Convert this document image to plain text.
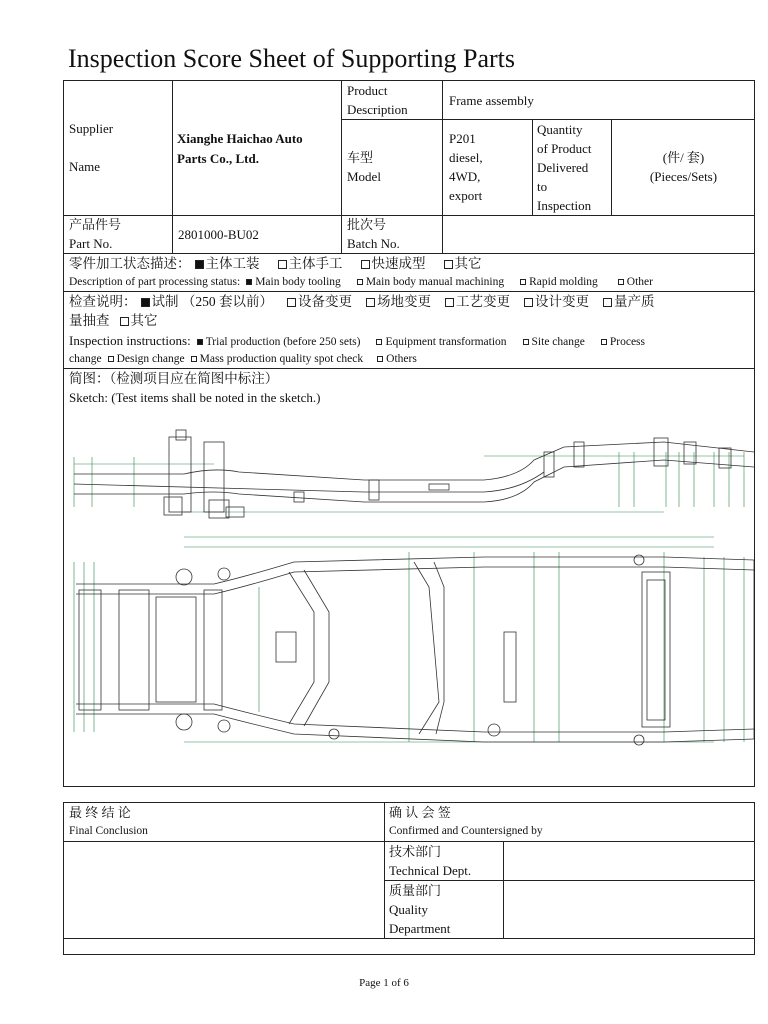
Inspection Score Sheet of Supporting Parts
Supplier
Name
Xianghe Haichao Auto
Parts Co., Ltd.
Product
Description
Frame assembly
车型
Model
P201
diesel,
4WD,
export
Quantity
of Product
Delivered
to
Inspection
(件/ 套)
(Pieces/Sets)
产品件号
Part No.
2801000-BU02
批次号
Batch No.
零件加工状态描述： 主体工装 主体手工 快速成型 其它
Description of part processing status: Main body tooling Main body manual machining Rapid molding	Other
检查说明： 试制 （250 套以前） 设备变更 场地变更 工艺变更 设计变更 量产质
量抽查 其它
Inspection instructions: Trial production (before 250 sets) Equipment transformation Site change Process
change Design change Mass production quality spot check Others
简图：（检测项目应在简图中标注）
Sketch: (Test items shall be noted in the sketch.)
最 终 结 论
Final Conclusion
确 认 会 签
Confirmed and Countersigned by
技术部门
Technical Dept.
质量部门
Quality
Department
Page 1 of 6
